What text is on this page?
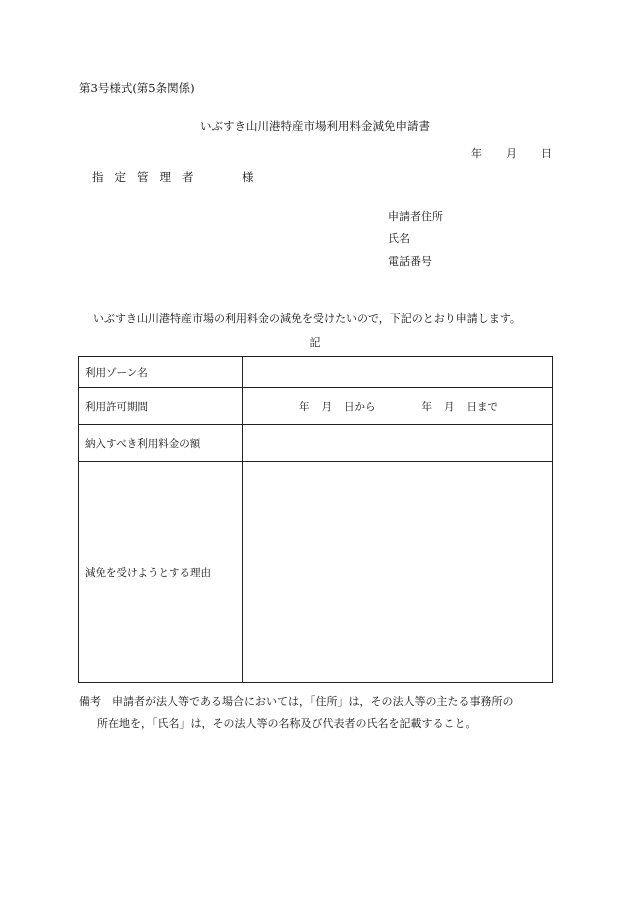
第3号様式(第5条関係)
いぶすき山川港特産市場利用料金減免申請書
年 月 日
指定管理者	様
申請者住所
氏名
電話番号
いぶすき山川港特産市場の利用料金の減免を受けたいので，下記のとおり申請します。
記
利用ゾーン名	
利用許可期間	年 月 日から 年 月 日まで
納入すべき利用料金の額	
減免を受けようとする理由	
備考　申請者が法人等である場合においては，「住所」は，その法人等の主たる事務所の
所在地を，「氏名」は，その法人等の名称及び代表者の氏名を記載すること。
